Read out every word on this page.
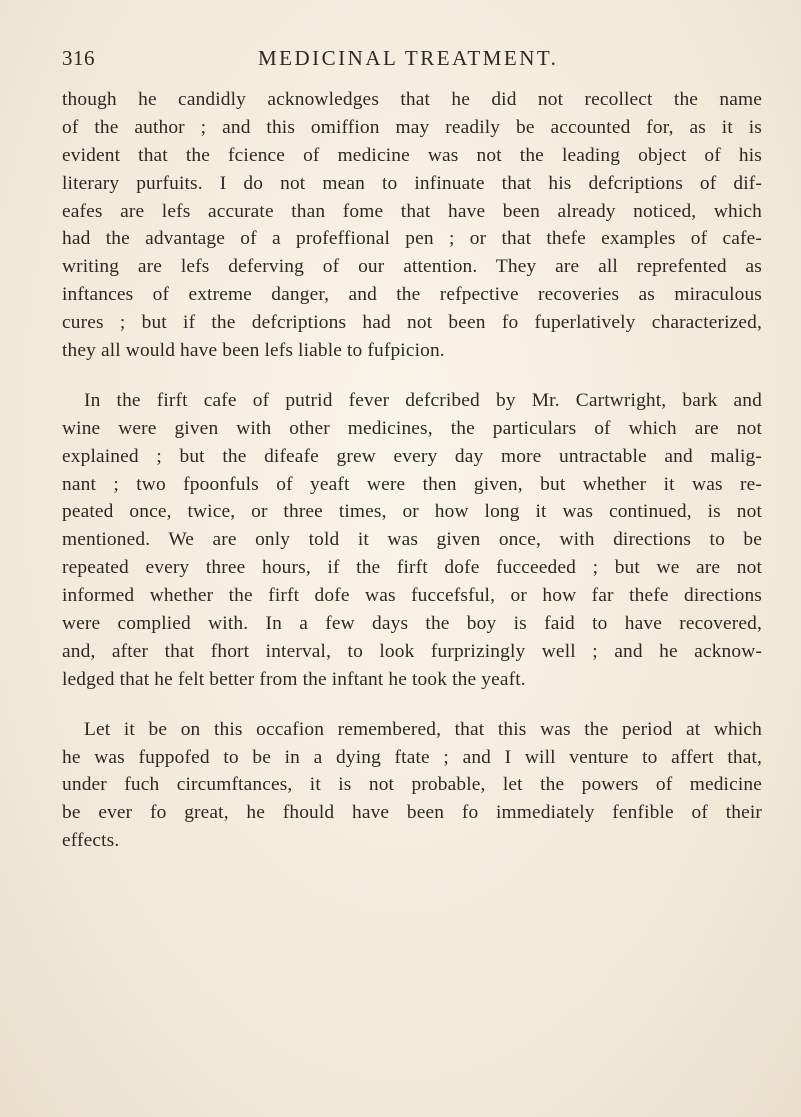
316	MEDICINAL TREATMENT.
though he candidly acknowledges that he did not recollect the name
of the author ; and this omiffion may readily be accounted for, as it is
evident that the fcience of medicine was not the leading object of his
literary purfuits. I do not mean to infinuate that his defcriptions of dif-
eafes are lefs accurate than fome that have been already noticed, which
had the advantage of a profeffional pen ; or that thefe examples of cafe-
writing are lefs deferving of our attention. They are all reprefented as
inftances of extreme danger, and the refpective recoveries as miraculous
cures ; but if the defcriptions had not been fo fuperlatively characterized,
they all would have been lefs liable to fufpicion.
In the firft cafe of putrid fever defcribed by Mr. Cartwright, bark and
wine were given with other medicines, the particulars of which are not
explained ; but the difeafe grew every day more untractable and malig-
nant ; two fpoonfuls of yeaft were then given, but whether it was re-
peated once, twice, or three times, or how long it was continued, is not
mentioned. We are only told it was given once, with directions to be
repeated every three hours, if the firft dofe fucceeded ; but we are not
informed whether the firft dofe was fuccefsful, or how far thefe directions
were complied with. In a few days the boy is faid to have recovered,
and, after that fhort interval, to look furprizingly well ; and he acknow-
ledged that he felt better from the inftant he took the yeaft.
Let it be on this occafion remembered, that this was the period at which
he was fuppofed to be in a dying ftate ; and I will venture to affert that,
under fuch circumftances, it is not probable, let the powers of medicine
be ever fo great, he fhould have been fo immediately fenfible of their
effects.
